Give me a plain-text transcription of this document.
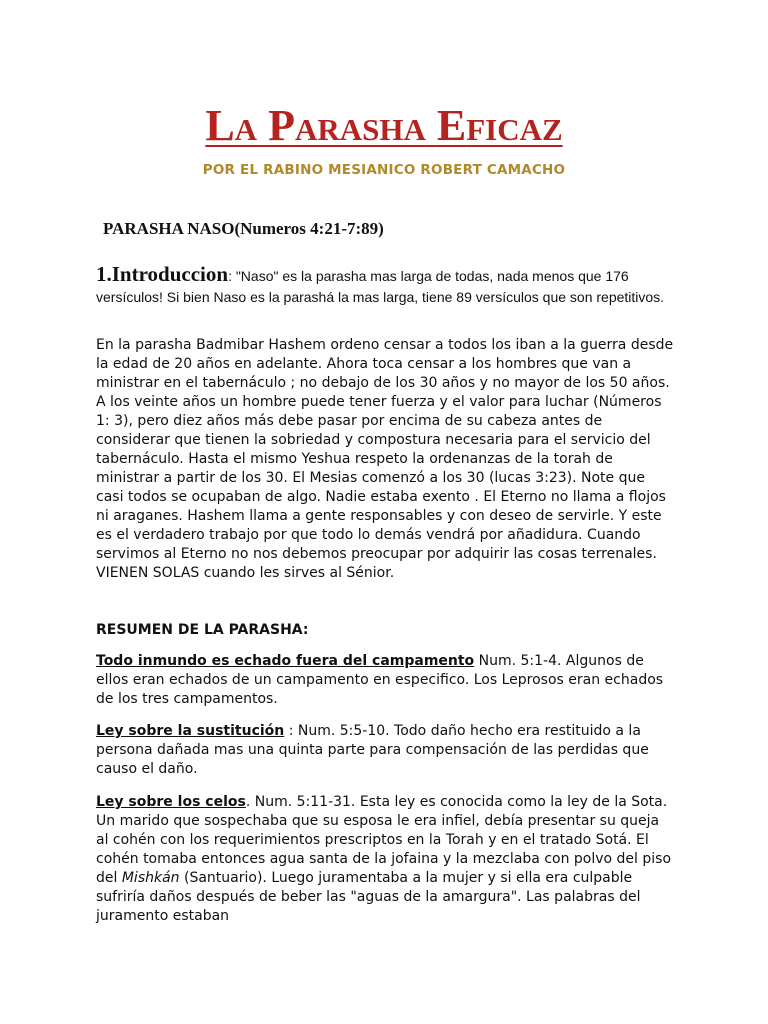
LA PARASHA EFICAZ

POR EL RABINO MESIANICO ROBERT CAMACHO

PARASHA NASO(Numeros 4:21-7:89)

1.Introduccion: "Naso" es la parasha mas larga de todas, nada menos que 176 versículos! Si bien Naso es la parashá la mas larga, tiene 89 versículos que son repetitivos.

En la parasha Badmibar Hashem ordeno censar a todos los iban a la guerra desde la edad de 20 años en adelante. Ahora toca censar a los hombres que van a ministrar en el tabernáculo ; no debajo de los 30 años y no mayor de los 50 años. A los veinte años un hombre puede tener fuerza y el valor para luchar (Números 1: 3), pero diez años más debe pasar por encima de su cabeza antes de considerar que tienen la sobriedad y compostura necesaria para el servicio del tabernáculo. Hasta el mismo Yeshua respeto la ordenanzas de la torah de ministrar a partir de los 30. El Mesias comenzó a los 30 (lucas 3:23). Note que casi todos se ocupaban de algo. Nadie estaba exento . El Eterno no llama a flojos ni araganes. Hashem llama a gente responsables y con deseo de servirle. Y este es el verdadero trabajo por que todo lo demás vendrá por añadidura. Cuando servimos al Eterno no nos debemos preocupar por adquirir las cosas terrenales. VIENEN SOLAS cuando les sirves al Sénior.

RESUMEN DE LA PARASHA:

Todo inmundo es echado fuera del campamento Num. 5:1-4. Algunos de ellos eran echados de un campamento en especifico. Los Leprosos eran echados de los tres campamentos.

Ley sobre la sustitución : Num. 5:5-10. Todo daño hecho era restituido a la persona dañada mas una quinta parte para compensación de las perdidas que causo el daño.

Ley sobre los celos. Num. 5:11-31. Esta ley es conocida como la ley de la Sota. Un marido que sospechaba que su esposa le era infiel, debía presentar su queja al cohén con los requerimientos prescriptos en la Torah y en el tratado Sotá. El cohén tomaba entonces agua santa de la jofaina y la mezclaba con polvo del piso del Mishkán (Santuario). Luego juramentaba a la mujer y si ella era culpable sufriría daños después de beber las "aguas de la amargura". Las palabras del juramento estaban
